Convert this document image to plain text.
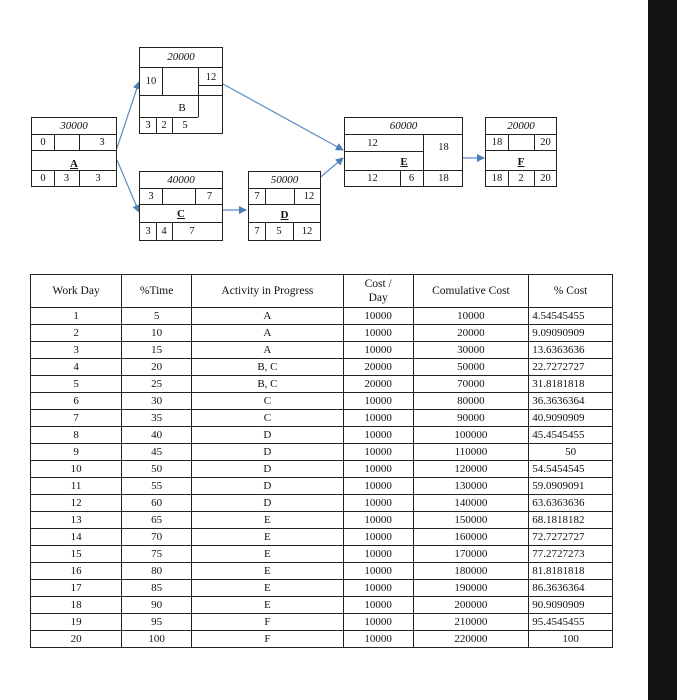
30000
0	3
A
0	3	3
20000
10	12
B
3	2	5
40000
3	7
C
3	4	7
50000
7	12
D
7	5	12
60000
12	18
E
12	6	18
20000
18	20
F
18	2	20
Work Day	%Time	Activity in Progress	Cost /
Day	Comulative Cost	% Cost
1	5	A	10000	10000	4.54545455
2	10	A	10000	20000	9.09090909
3	15	A	10000	30000	13.6363636
4	20	B, C	20000	50000	22.7272727
5	25	B, C	20000	70000	31.8181818
6	30	C	10000	80000	36.3636364
7	35	C	10000	90000	40.9090909
8	40	D	10000	100000	45.4545455
9	45	D	10000	110000	50
10	50	D	10000	120000	54.5454545
11	55	D	10000	130000	59.0909091
12	60	D	10000	140000	63.6363636
13	65	E	10000	150000	68.1818182
14	70	E	10000	160000	72.7272727
15	75	E	10000	170000	77.2727273
16	80	E	10000	180000	81.8181818
17	85	E	10000	190000	86.3636364
18	90	E	10000	200000	90.9090909
19	95	F	10000	210000	95.4545455
20	100	F	10000	220000	100
